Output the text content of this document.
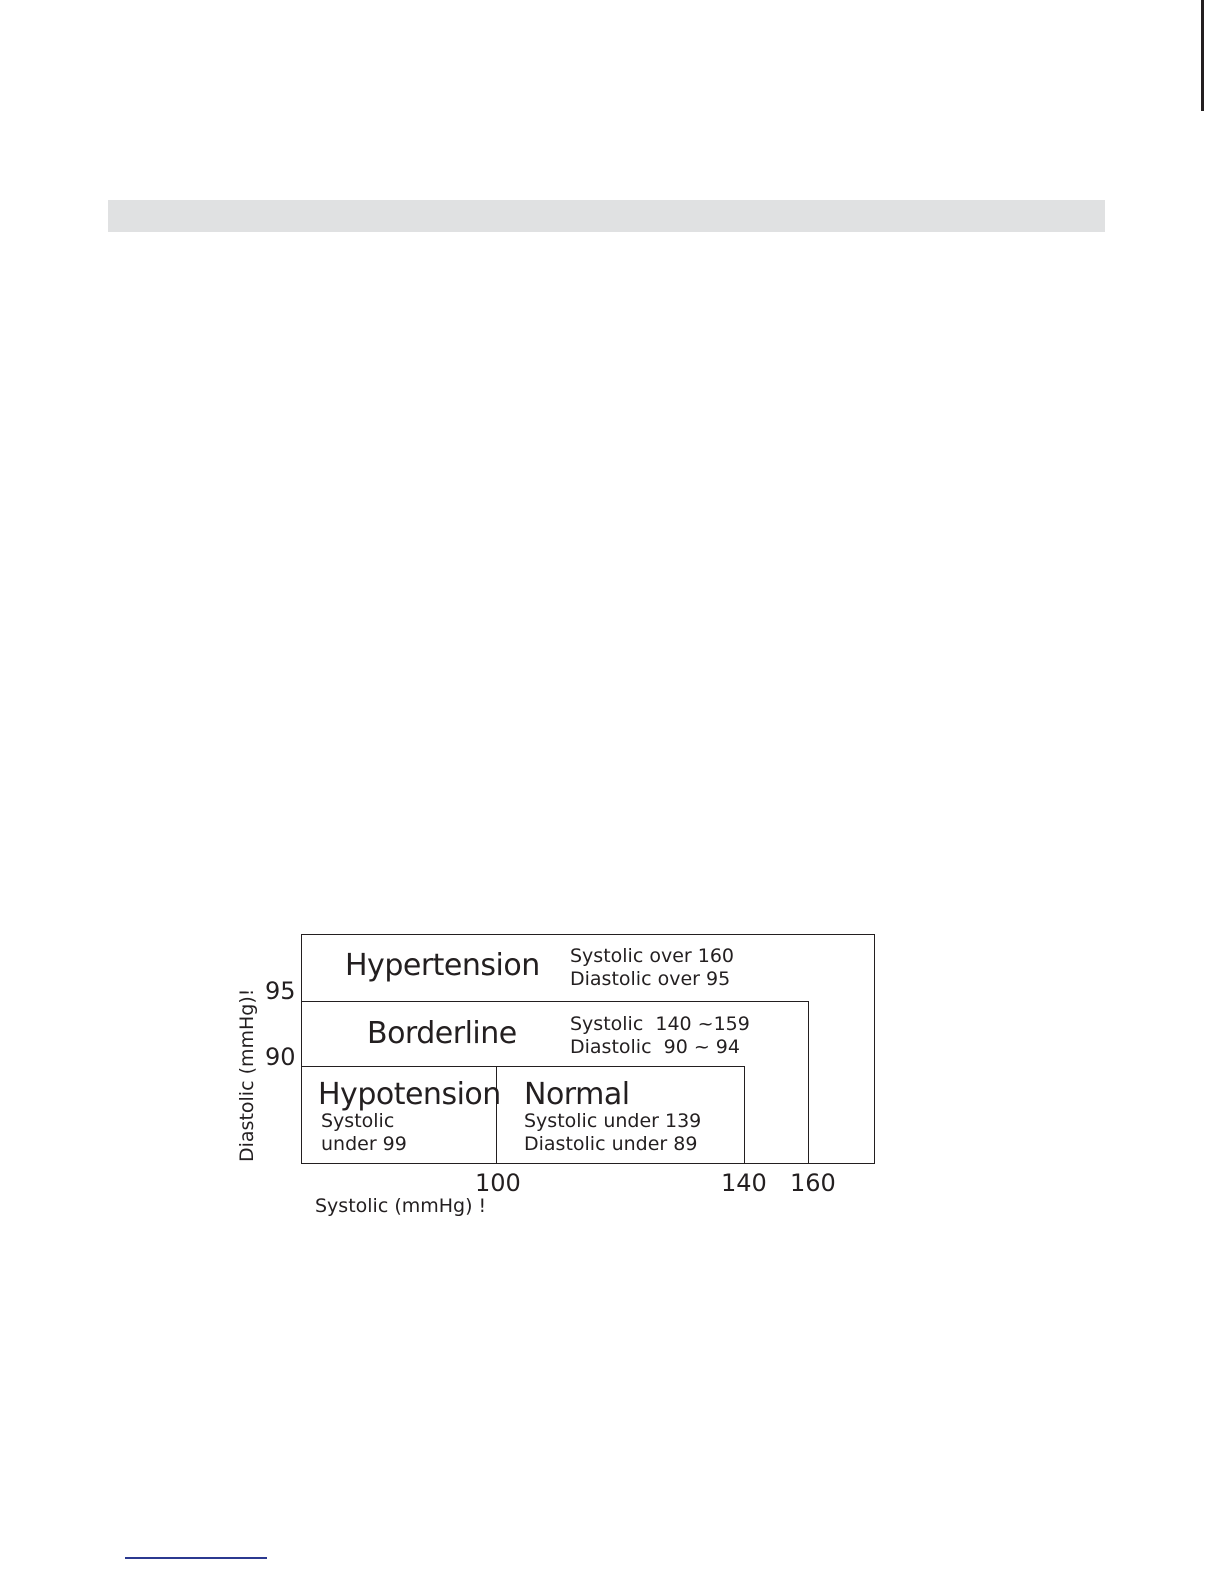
Hypertension
Borderline
Hypotension Normal
Systolic over 160
Diastolic over 95
Systolic  140 ~159
Diastolic  90 ~ 94
Systolic
under 99
Systolic under 139
Diastolic under 89
95
90
100	140 160
Systolic (mmHg) !
Diastolic (mmHg)!
